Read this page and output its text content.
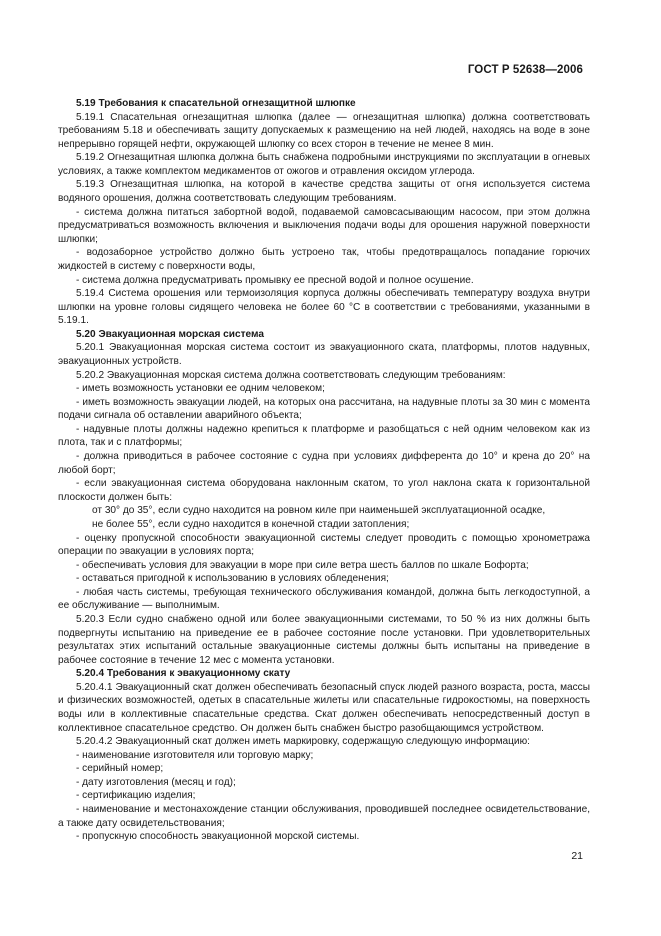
ГОСТ Р 52638—2006

5.19 Требования к спасательной огнезащитной шлюпке

5.19.1 Спасательная огнезащитная шлюпка (далее — огнезащитная шлюпка) должна соответствовать требованиям 5.18 и обеспечивать защиту допускаемых к размещению на ней людей, находясь на воде в зоне непрерывно горящей нефти, окружающей шлюпку со всех сторон в течение не менее 8 мин.

5.19.2 Огнезащитная шлюпка должна быть снабжена подробными инструкциями по эксплуатации в огневых условиях, а также комплектом медикаментов от ожогов и отравления оксидом углерода.

5.19.3 Огнезащитная шлюпка, на которой в качестве средства защиты от огня используется система водяного орошения, должна соответствовать следующим требованиям.

- система должна питаться забортной водой, подаваемой самовсасывающим насосом, при этом должна предусматриваться возможность включения и выключения подачи воды для орошения наружной поверхности шлюпки;

- водозаборное устройство должно быть устроено так, чтобы предотвращалось попадание горючих жидкостей в систему с поверхности воды,

- система должна предусматривать промывку ее пресной водой и полное осушение.

5.19.4 Система орошения или термоизоляция корпуса должны обеспечивать температуру воздуха внутри шлюпки на уровне головы сидящего человека не более 60 °С в соответствии с требованиями, указанными в 5.19.1.

5.20 Эвакуационная морская система

5.20.1 Эвакуационная морская система состоит из эвакуационного ската, платформы, плотов надувных, эвакуационных устройств.

5.20.2 Эвакуационная морская система должна соответствовать следующим требованиям:

- иметь возможность установки ее одним человеком;

- иметь возможность эвакуации людей, на которых она рассчитана, на надувные плоты за 30 мин с момента подачи сигнала об оставлении аварийного объекта;

- надувные плоты должны надежно крепиться к платформе и разобщаться с ней одним человеком как из плота, так и с платформы;

- должна приводиться в рабочее состояние с судна при условиях дифферента до 10° и крена до 20° на любой борт;

- если эвакуационная система оборудована наклонным скатом, то угол наклона ската к горизонтальной плоскости должен быть:

от 30° до 35°, если судно находится на ровном киле при наименьшей эксплуатационной осадке,

не более 55°, если судно находится в конечной стадии затопления;

- оценку пропускной способности эвакуационной системы следует проводить с помощью хронометража операции по эвакуации в условиях порта;

- обеспечивать условия для эвакуации в море при силе ветра шесть баллов по шкале Бофорта;

- оставаться пригодной к использованию в условиях обледенения;

- любая часть системы, требующая технического обслуживания командой, должна быть легкодоступной, а ее обслуживание — выполнимым.

5.20.3 Если судно снабжено одной или более эвакуационными системами, то 50 % из них должны быть подвергнуты испытанию на приведение ее в рабочее состояние после установки. При удовлетворительных результатах этих испытаний остальные эвакуационные системы должны быть испытаны на приведение в рабочее состояние в течение 12 мес с момента установки.

5.20.4 Требования к эвакуационному скату

5.20.4.1 Эвакуационный скат должен обеспечивать безопасный спуск людей разного возраста, роста, массы и физических возможностей, одетых в спасательные жилеты или спасательные гидрокостюмы, на поверхность воды или в коллективные спасательные средства. Скат должен обеспечивать непосредственный доступ в коллективное спасательное средство. Он должен быть снабжен быстро разобщающимся устройством.

5.20.4.2 Эвакуационный скат должен иметь маркировку, содержащую следующую информацию:

- наименование изготовителя или торговую марку;

- серийный номер;

- дату изготовления (месяц и год);

- сертификацию изделия;

- наименование и местонахождение станции обслуживания, проводившей последнее освидетельствование, а также дату освидетельствования;

- пропускную способность эвакуационной морской системы.

21
